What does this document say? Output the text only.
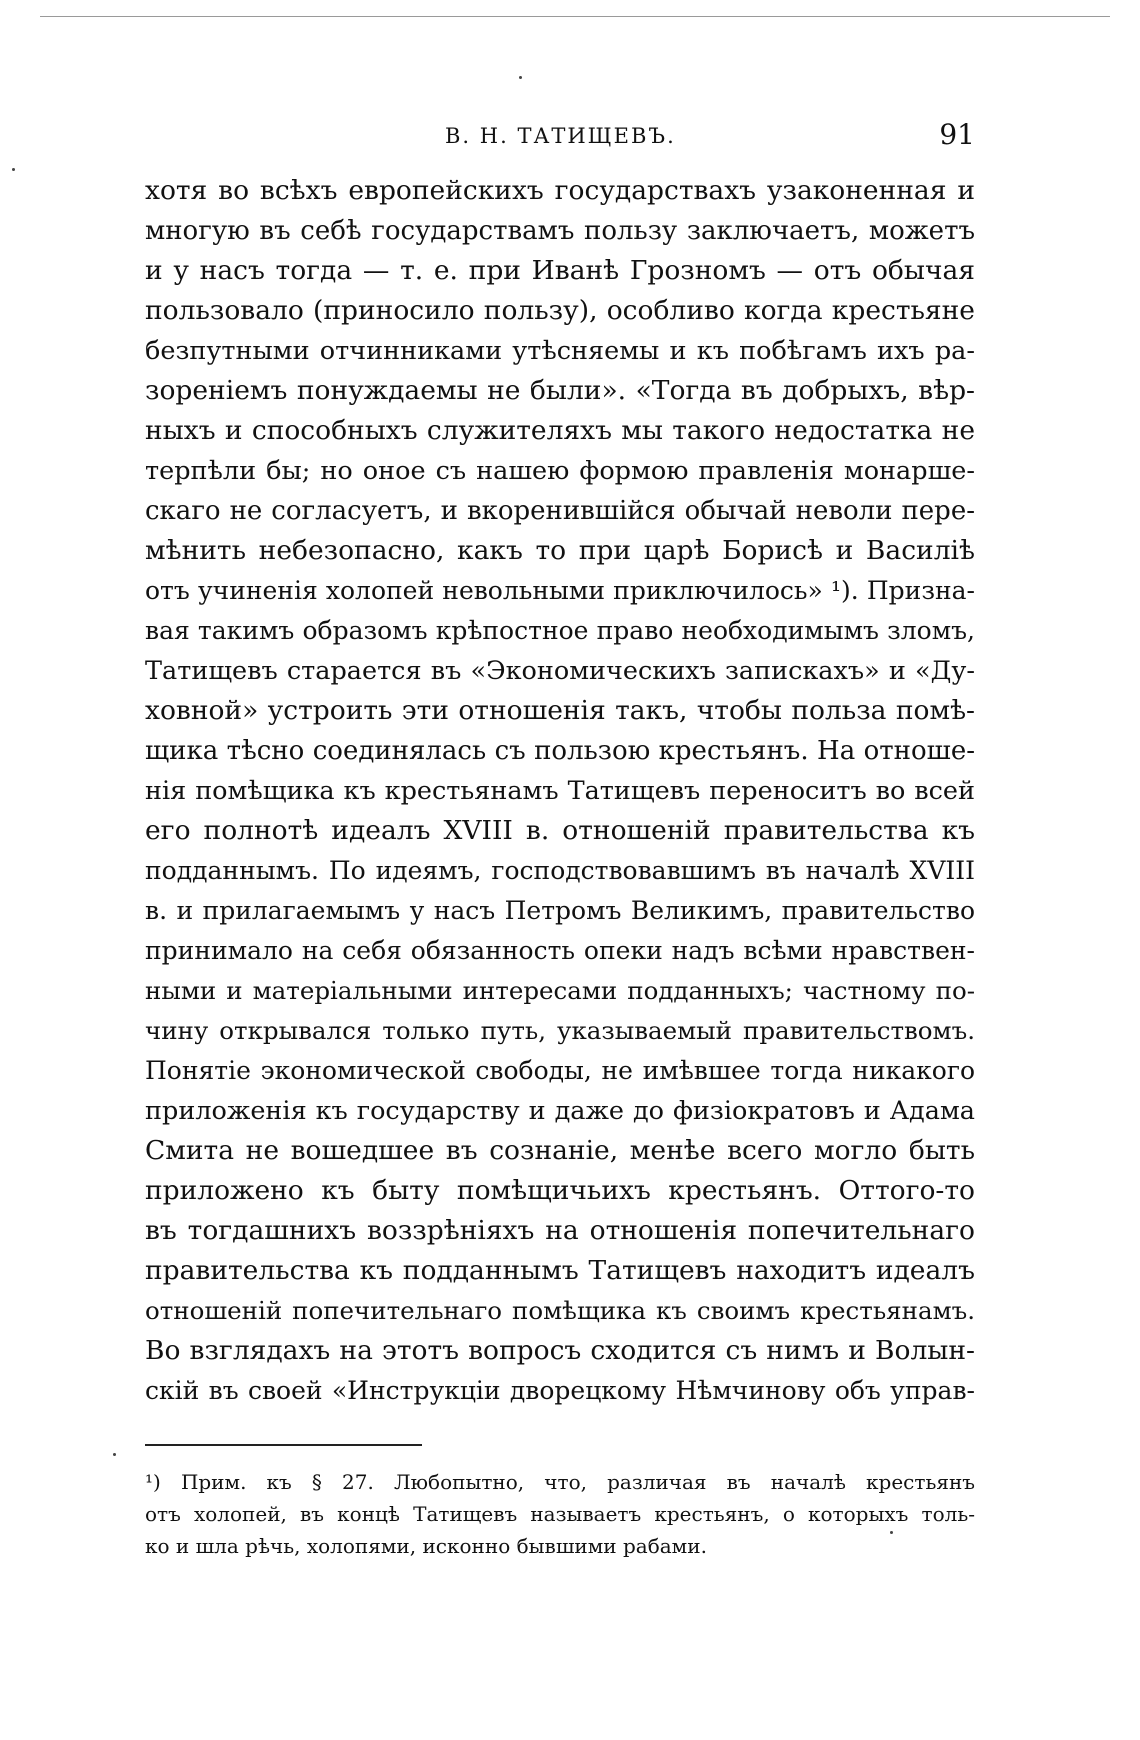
В. Н. ТАТИЩЕВЪ.	91
хотя во всѣхъ европейскихъ государствахъ узаконенная и
многую въ себѣ государствамъ пользу заключаетъ, можетъ
и у насъ тогда — т. е. при Иванѣ Грозномъ — отъ обычая
пользовало (приносило пользу), особливо когда крестьяне
безпутными отчинниками утѣсняемы и къ побѣгамъ ихъ ра-
зореніемъ понуждаемы не были». «Тогда въ добрыхъ, вѣр-
ныхъ и способныхъ служителяхъ мы такого недостатка не
терпѣли бы; но оное съ нашею формою правленія монарше-
скаго не согласуетъ, и вкоренившійся обычай неволи пере-
мѣнить небезопасно, какъ то при царѣ Борисѣ и Василіѣ
отъ учиненія холопей невольными приключилось» ¹). Призна-
вая такимъ образомъ крѣпостное право необходимымъ зломъ,
Татищевъ старается въ «Экономическихъ запискахъ» и «Ду-
ховной» устроить эти отношенія такъ, чтобы польза помѣ-
щика тѣсно соединялась съ пользою крестьянъ. На отноше-
нія помѣщика къ крестьянамъ Татищевъ переноситъ во всей
его полнотѣ идеалъ XVIII в. отношеній правительства къ
подданнымъ. По идеямъ, господствовавшимъ въ началѣ XVIII
в. и прилагаемымъ у насъ Петромъ Великимъ, правительство
принимало на себя обязанность опеки надъ всѣми нравствен-
ными и матеріальными интересами подданныхъ; частному по-
чину открывался только путь, указываемый правительствомъ.
Понятіе экономической свободы, не имѣвшее тогда никакого
приложенія къ государству и даже до физіократовъ и Адама
Смита не вошедшее въ сознаніе, менѣе всего могло быть
приложено къ быту помѣщичьихъ крестьянъ. Оттого-то
въ тогдашнихъ воззрѣніяхъ на отношенія попечительнаго
правительства къ подданнымъ Татищевъ находитъ идеалъ
отношеній попечительнаго помѣщика къ своимъ крестьянамъ.
Во взглядахъ на этотъ вопросъ сходится съ нимъ и Волын-
скій въ своей «Инструкціи дворецкому Нѣмчинову объ управ-
¹) Прим. къ § 27. Любопытно, что, различая въ началѣ крестьянъ
отъ холопей, въ концѣ Татищевъ называетъ крестьянъ, о которыхъ толь-
ко и шла рѣчь, холопями, исконно бывшими рабами.
